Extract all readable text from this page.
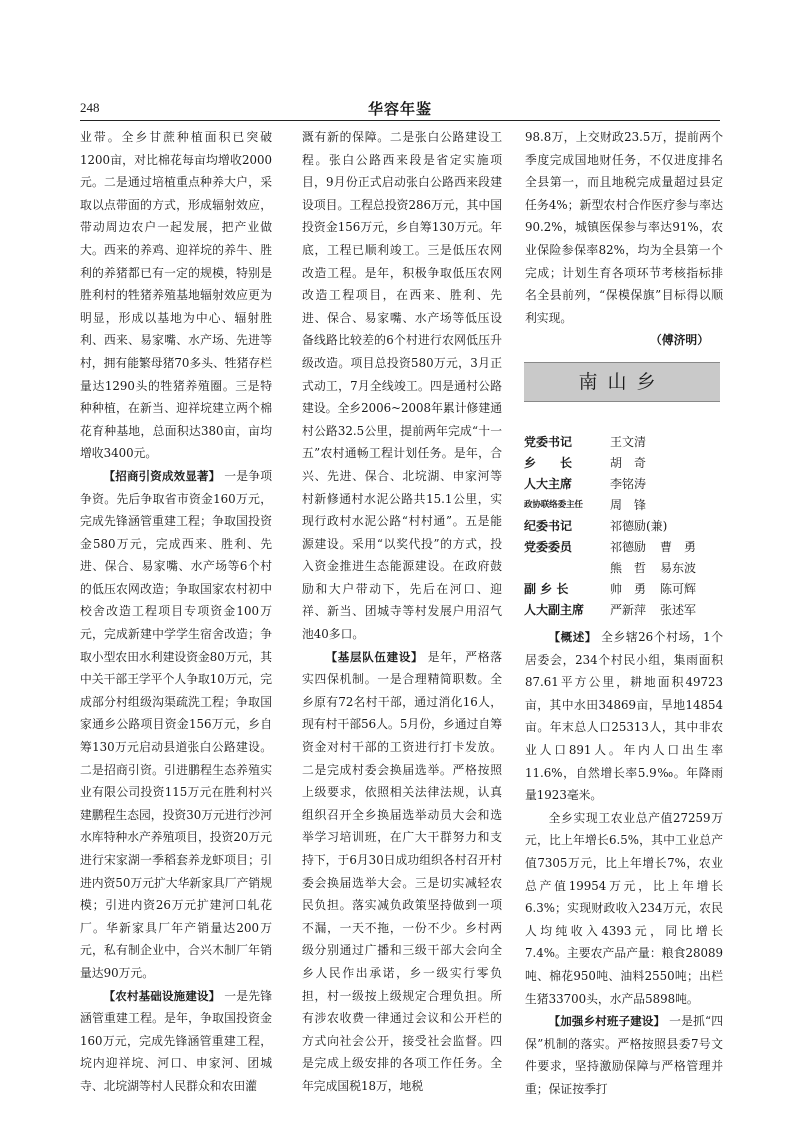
248	华容年鉴

业带。全乡甘蔗种植面积已突破1200亩，对比棉花每亩均增收2000元。二是通过培植重点种养大户，采取以点带面的方式，形成辐射效应，带动周边农户一起发展，把产业做大。西来的养鸡、迎祥垸的养牛、胜利的养猪都已有一定的规模，特别是胜利村的牲猪养殖基地辐射效应更为明显，形成以基地为中心、辐射胜利、西来、易家嘴、水产场、先进等村，拥有能繁母猪70多头、牲猪存栏量达1290头的牲猪养殖圈。三是特种种植，在新当、迎祥垸建立两个棉花育种基地，总面积达380亩，亩均增收3400元。

【招商引资成效显著】 一是争项争资。先后争取省市资金160万元，完成先锋涵管重建工程；争取国投资金580万元，完成西来、胜利、先进、保合、易家嘴、水产场等6个村的低压农网改造；争取国家农村初中校舍改造工程项目专项资金100万元，完成新建中学学生宿舍改造；争取小型农田水利建设资金80万元，其中关干部王学平个人争取10万元，完成部分村组级沟渠疏洗工程；争取国家通乡公路项目资金156万元，乡自筹130万元启动县道张白公路建设。二是招商引资。引进鹏程生态养殖实业有限公司投资115万元在胜利村兴建鹏程生态园，投资30万元进行沙河水库特种水产养殖项目，投资20万元进行宋家湖一季稻套养龙虾项目；引进内资50万元扩大华新家具厂产销规模；引进内资26万元扩建河口轧花厂。华新家具厂年产销量达200万元，私有制企业中，合兴木制厂年销量达90万元。

【农村基础设施建设】 一是先锋涵管重建工程。是年，争取国投资金160万元，完成先锋涵管重建工程，垸内迎祥垸、河口、申家河、团城寺、北垸湖等村人民群众和农田灌

溉有新的保障。二是张白公路建设工程。张白公路西来段是省定实施项目，9月份正式启动张白公路西来段建设项目。工程总投资286万元，其中国投资金156万元，乡自筹130万元。年底，工程已顺利竣工。三是低压农网改造工程。是年，积极争取低压农网改造工程项目，在西来、胜利、先进、保合、易家嘴、水产场等低压设备线路比较差的6个村进行农网低压升级改造。项目总投资580万元，3月正式动工，7月全线竣工。四是通村公路建设。全乡2006~2008年累计修建通村公路32.5公里，提前两年完成“十一五”农村通畅工程计划任务。是年，合兴、先进、保合、北垸湖、申家河等村新修通村水泥公路共15.1公里，实现行政村水泥公路“村村通”。五是能源建设。采用“以奖代投”的方式，投入资金推进生态能源建设。在政府鼓励和大户带动下，先后在河口、迎祥、新当、团城寺等村发展户用沼气池40多口。

【基层队伍建设】 是年，严格落实四保机制。一是合理精简职数。全乡原有72名村干部，通过消化16人，现有村干部56人。5月份，乡通过自筹资金对村干部的工资进行打卡发放。二是完成村委会换届选举。严格按照上级要求，依照相关法律法规，认真组织召开全乡换届选举动员大会和选举学习培训班，在广大干群努力和支持下，于6月30日成功组织各村召开村委会换届选举大会。三是切实减轻农民负担。落实减负政策坚持做到一项不漏，一天不拖，一份不少。乡村两级分别通过广播和三级干部大会向全乡人民作出承诺，乡一级实行零负担，村一级按上级规定合理负担。所有涉农收费一律通过会议和公开栏的方式向社会公开，接受社会监督。四是完成上级安排的各项工作任务。全年完成国税18万，地税

98.8万，上交财政23.5万，提前两个季度完成国地财任务，不仅进度排名全县第一，而且地税完成量超过县定任务4%；新型农村合作医疗参与率达90.2%，城镇医保参与率达91%，农业保险参保率82%，均为全县第一个完成；计划生育各项环节考核指标排名全县前列，“保模保旗”目标得以顺利实现。

（傅济明）

南山乡
党委书记	王文清
乡　　长	胡　奇
人大主席	李铭涛
政协联络委主任	周　锋
纪委书记	祁德励(兼)
党委委员	祁德励 曹　勇
熊　哲 易东波
副 乡 长	帅　勇 陈可辉
人大副主席	严新萍 张述军

【概述】 全乡辖26个村场，1个居委会，234个村民小组，集雨面积87.61平方公里，耕地面积49723亩，其中水田34869亩，旱地14854亩。年末总人口25313人，其中非农业人口891人。年内人口出生率11.6%，自然增长率5.9‰。年降雨量1923毫米。

全乡实现工农业总产值27259万元，比上年增长6.5%，其中工业总产值7305万元，比上年增长7%，农业总产值19954万元，比上年增长6.3%；实现财政收入234万元，农民人均纯收入4393元，同比增长7.4%。主要农产品产量：粮食28089吨、棉花950吨、油料2550吨；出栏生猪33700头，水产品5898吨。

【加强乡村班子建设】 一是抓“四保”机制的落实。严格按照县委7号文件要求，坚持激励保障与严格管理并重；保证按季打
